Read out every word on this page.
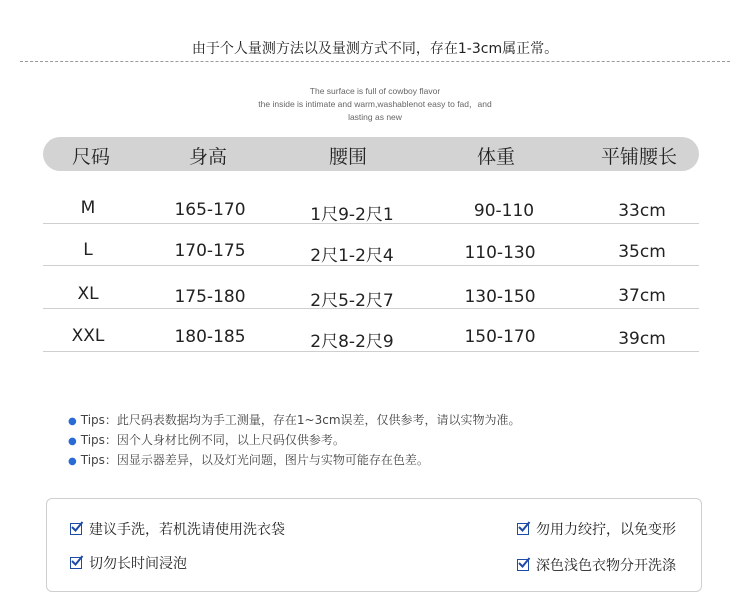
由于个人量测方法以及量测方式不同，存在1-3cm属正常。
The surface is full of cowboy flavor
the inside is intimate and warm,washablenot easy to fad，and
lasting as new
尺码	身高	腰围	体重	平铺腰长
M	165-170	1尺9-2尺1	90-110	33cm
L	170-175	2尺1-2尺4	110-130	35cm
XL	175-180	2尺5-2尺7	130-150	37cm
XXL	180-185	2尺8-2尺9	150-170	39cm
● Tips：此尺码表数据均为手工测量，存在1~3cm误差，仅供参考，请以实物为准。
● Tips：因个人身材比例不同，以上尺码仅供参考。
● Tips：因显示器差异，以及灯光问题，图片与实物可能存在色差。
建议手洗，若机洗请使用洗衣袋	勿用力绞拧，以免变形
切勿长时间浸泡	深色浅色衣物分开洗涤
